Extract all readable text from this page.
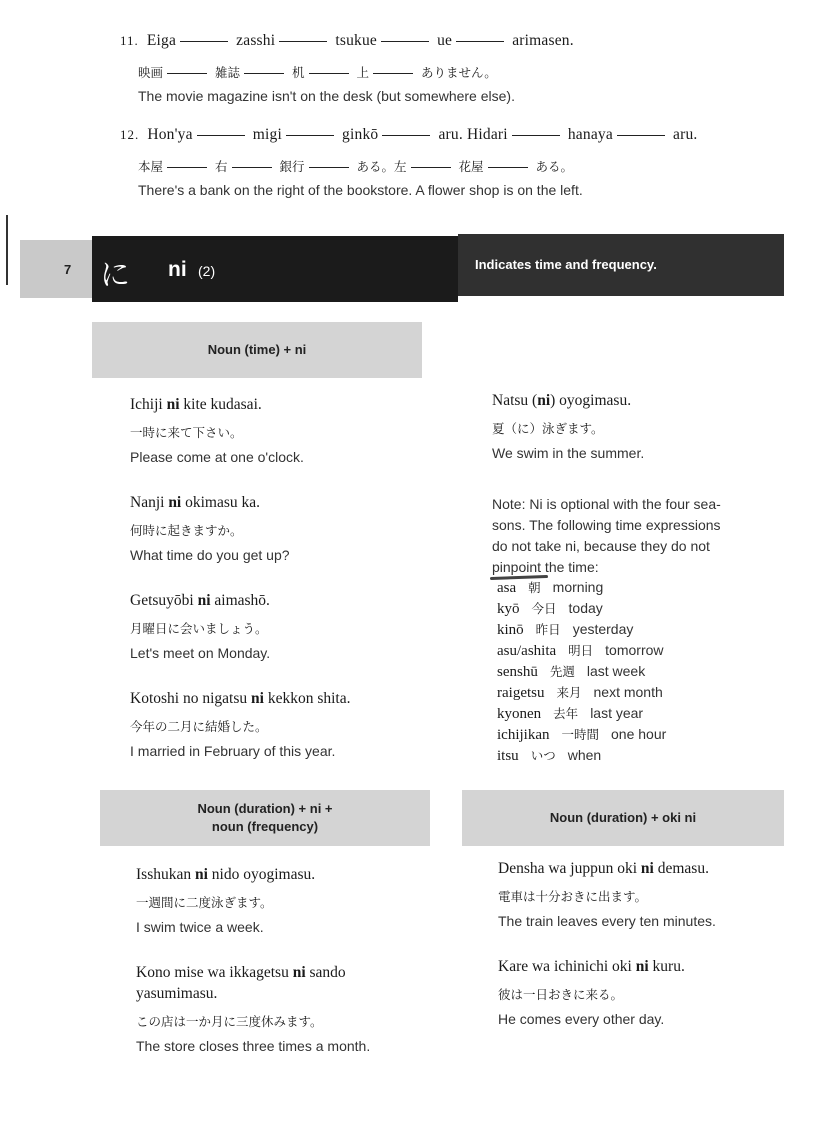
11. Eiga	zasshi	tsukue	ue	arimasen.
映画	雑誌	机	上	ありません。
The movie magazine isn't on the desk (but somewhere else).
12. Hon'ya	migi	ginkō	aru. Hidari	hanaya	aru.
本屋	右	銀行	ある。左	花屋	ある。
There's a bank on the right of the bookstore. A flower shop is on the left.
7 に ni (2)	Indicates time and frequency.
Noun (time) + ni
Ichiji ni kite kudasai.
一時に来て下さい。
Please come at one o'clock.
Nanji ni okimasu ka.
何時に起きますか。
What time do you get up?
Getsuyōbi ni aimashō.
月曜日に会いましょう。
Let's meet on Monday.
Kotoshi no nigatsu ni kekkon shita.
今年の二月に結婚した。
I married in February of this year.
Natsu (ni) oyogimasu.
夏（に）泳ぎます。
We swim in the summer.
Note: Ni is optional with the four sea-
sons. The following time expressions
do not take ni, because they do not
pinpoint the time:
asa 朝 morning
kyō 今日 today
kinō 昨日 yesterday
asu/ashita 明日 tomorrow
senshū 先週 last week
raigetsu 来月 next month
kyonen 去年 last year
ichijikan 一時間 one hour
itsu いつ when
Noun (duration) + ni +
noun (frequency)
Noun (duration) + oki ni
Isshukan ni nido oyogimasu.
一週間に二度泳ぎます。
I swim twice a week.
Kono mise wa ikkagetsu ni sando
yasumimasu.
この店は一か月に三度休みます。
The store closes three times a month.
Densha wa juppun oki ni demasu.
電車は十分おきに出ます。
The train leaves every ten minutes.
Kare wa ichinichi oki ni kuru.
彼は一日おきに来る。
He comes every other day.
